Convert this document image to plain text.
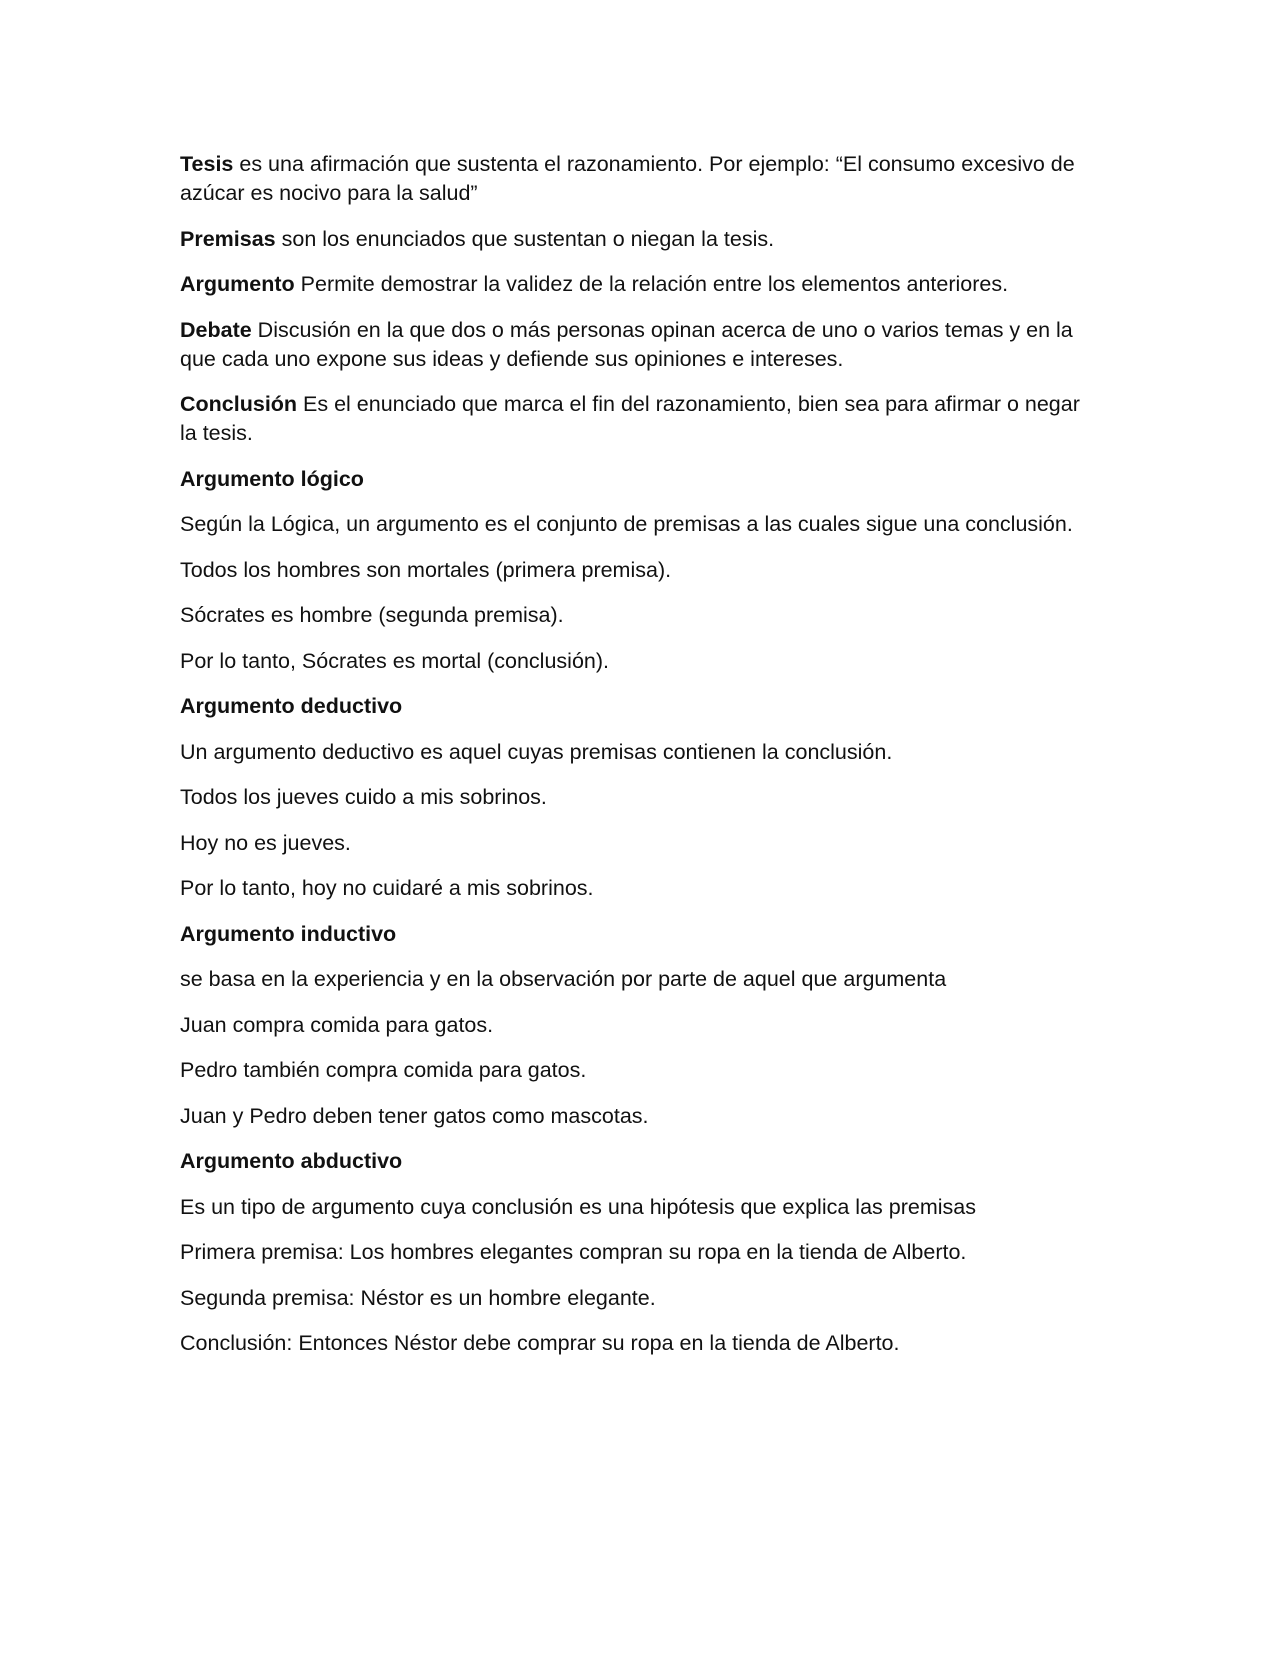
Tesis es una afirmación que sustenta el razonamiento. Por ejemplo: “El consumo excesivo de azúcar es nocivo para la salud”

Premisas son los enunciados que sustentan o niegan la tesis.

Argumento Permite demostrar la validez de la relación entre los elementos anteriores.

Debate Discusión en la que dos o más personas opinan acerca de uno o varios temas y en la que cada uno expone sus ideas y defiende sus opiniones e intereses.

Conclusión Es el enunciado que marca el fin del razonamiento, bien sea para afirmar o negar la tesis.

Argumento lógico

Según la Lógica, un argumento es el conjunto de premisas a las cuales sigue una conclusión.

Todos los hombres son mortales (primera premisa).

Sócrates es hombre (segunda premisa).

Por lo tanto, Sócrates es mortal (conclusión).

Argumento deductivo

Un argumento deductivo es aquel cuyas premisas contienen la conclusión.

Todos los jueves cuido a mis sobrinos.

Hoy no es jueves.

Por lo tanto, hoy no cuidaré a mis sobrinos.

Argumento inductivo

se basa en la experiencia y en la observación por parte de aquel que argumenta

Juan compra comida para gatos.

Pedro también compra comida para gatos.

Juan y Pedro deben tener gatos como mascotas.

Argumento abductivo

Es un tipo de argumento cuya conclusión es una hipótesis que explica las premisas

Primera premisa: Los hombres elegantes compran su ropa en la tienda de Alberto.

Segunda premisa: Néstor es un hombre elegante.

Conclusión: Entonces Néstor debe comprar su ropa en la tienda de Alberto.
